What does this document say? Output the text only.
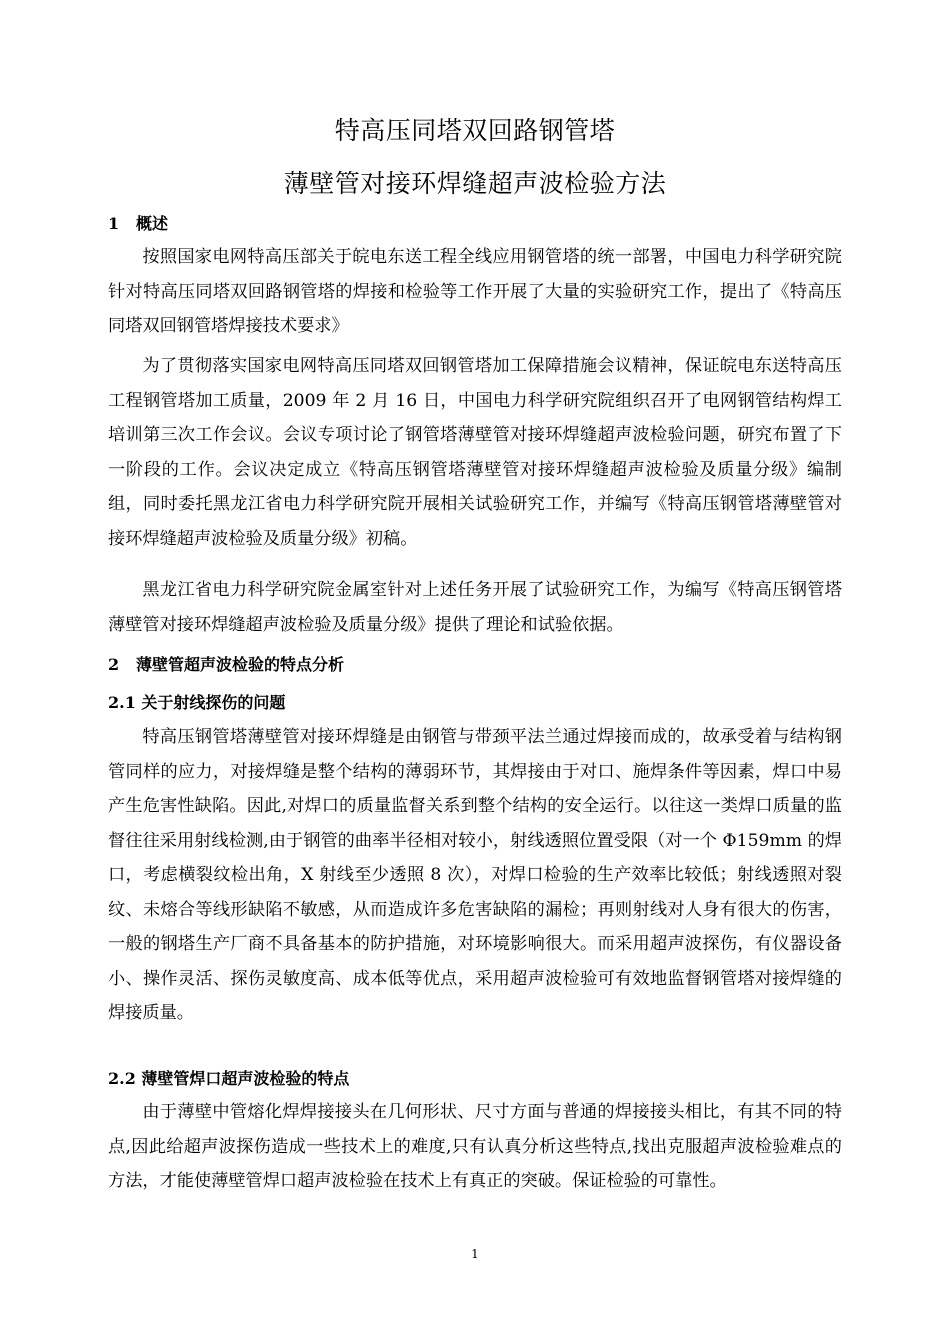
特高压同塔双回路钢管塔
薄壁管对接环焊缝超声波检验方法
1 概述

按照国家电网特高压部关于皖电东送工程全线应用钢管塔的统一部署，中国电力科学研究院针对特高压同塔双回路钢管塔的焊接和检验等工作开展了大量的实验研究工作，提出了《特高压同塔双回钢管塔焊接技术要求》

为了贯彻落实国家电网特高压同塔双回钢管塔加工保障措施会议精神，保证皖电东送特高压工程钢管塔加工质量，2009 年 2 月 16 日，中国电力科学研究院组织召开了电网钢管结构焊工培训第三次工作会议。会议专项讨论了钢管塔薄壁管对接环焊缝超声波检验问题，研究布置了下一阶段的工作。会议决定成立《特高压钢管塔薄壁管对接环焊缝超声波检验及质量分级》编制组，同时委托黑龙江省电力科学研究院开展相关试验研究工作，并编写《特高压钢管塔薄壁管对接环焊缝超声波检验及质量分级》初稿。

黑龙江省电力科学研究院金属室针对上述任务开展了试验研究工作，为编写《特高压钢管塔薄壁管对接环焊缝超声波检验及质量分级》提供了理论和试验依据。

2 薄壁管超声波检验的特点分析
2.1 关于射线探伤的问题

特高压钢管塔薄壁管对接环焊缝是由钢管与带颈平法兰通过焊接而成的，故承受着与结构钢管同样的应力，对接焊缝是整个结构的薄弱环节，其焊接由于对口、施焊条件等因素，焊口中易产生危害性缺陷。因此,对焊口的质量监督关系到整个结构的安全运行。以往这一类焊口质量的监督往往采用射线检测,由于钢管的曲率半径相对较小，射线透照位置受限（对一个 Φ159mm 的焊口，考虑横裂纹检出角，X 射线至少透照 8 次），对焊口检验的生产效率比较低；射线透照对裂纹、未熔合等线形缺陷不敏感，从而造成许多危害缺陷的漏检；再则射线对人身有很大的伤害，一般的钢塔生产厂商不具备基本的防护措施，对环境影响很大。而采用超声波探伤，有仪器设备小、操作灵活、探伤灵敏度高、成本低等优点，采用超声波检验可有效地监督钢管塔对接焊缝的焊接质量。

2.2 薄壁管焊口超声波检验的特点

由于薄壁中管熔化焊焊接接头在几何形状、尺寸方面与普通的焊接接头相比，有其不同的特点,因此给超声波探伤造成一些技术上的难度,只有认真分析这些特点,找出克服超声波检验难点的方法，才能使薄壁管焊口超声波检验在技术上有真正的突破。保证检验的可靠性。

1
